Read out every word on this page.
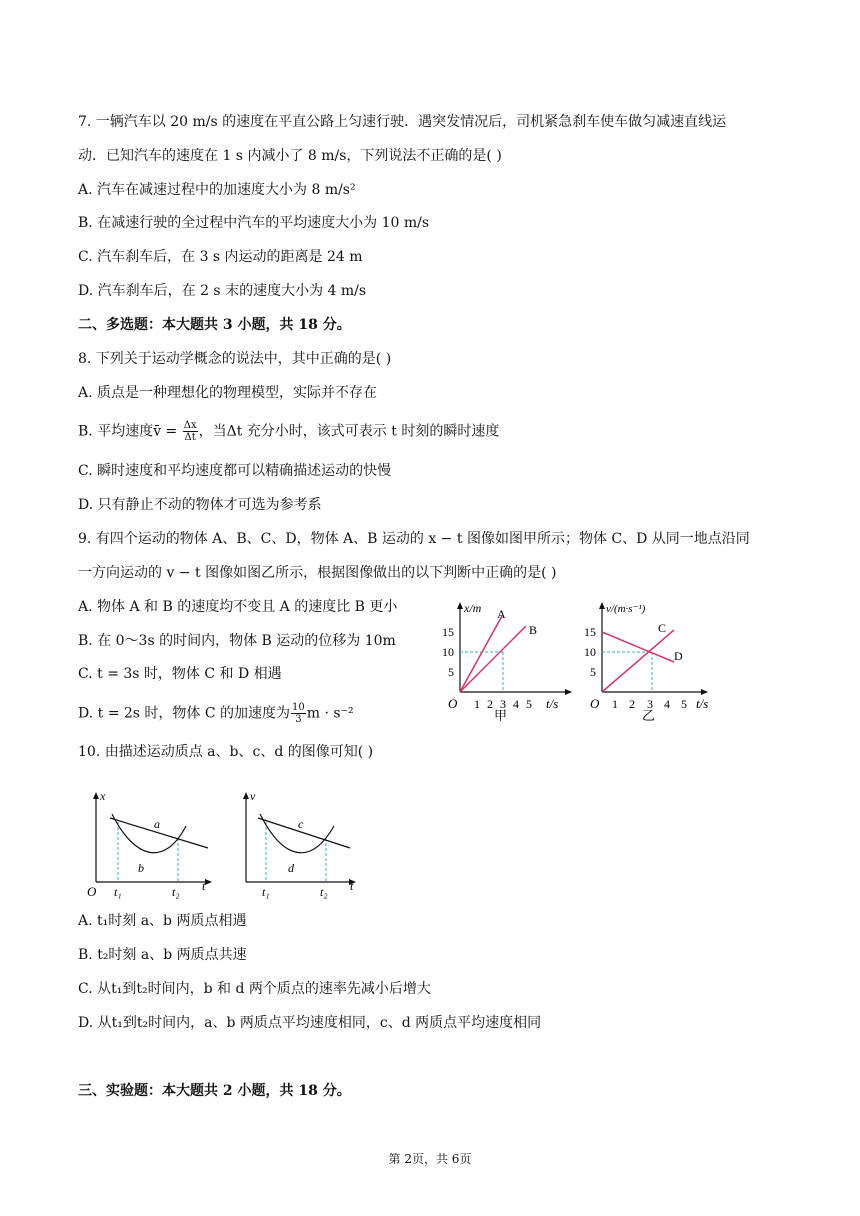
7. 一辆汽车以 20 m/s 的速度在平直公路上匀速行驶．遇突发情况后，司机紧急刹车使车做匀减速直线运
动．已知汽车的速度在 1 s 内减小了 8 m/s，下列说法不正确的是( )
A. 汽车在减速过程中的加速度大小为 8 m/s²
B. 在减速行驶的全过程中汽车的平均速度大小为 10 m/s
C. 汽车刹车后，在 3 s 内运动的距离是 24 m
D. 汽车刹车后，在 2 s 末的速度大小为 4 m/s
二、多选题：本大题共 3 小题，共 18 分。
8. 下列关于运动学概念的说法中，其中正确的是( )
A. 质点是一种理想化的物理模型，实际并不存在
B. 平均速度v̄ = $\frac{\Delta x}{\Delta t}$ ，当Δt 充分小时，该式可表示 t 时刻的瞬时速度
C. 瞬时速度和平均速度都可以精确描述运动的快慢
D. 只有静止不动的物体才可选为参考系
9. 有四个运动的物体 A、B、C、D，物体 A、B 运动的 x − t 图像如图甲所示；物体 C、D 从同一地点沿同
一方向运动的 v − t 图像如图乙所示，根据图像做出的以下判断中正确的是( )
A. 物体 A 和 B 的速度均不变且 A 的速度比 B 更小
B. 在 0～3s 的时间内，物体 B 运动的位移为 10m
C. t = 3s 时，物体 C 和 D 相遇
D. t = 2s 时，物体 C 的加速度为 $\frac{10}{3}$ m · s⁻²
x/m
O
5
10
15
1 2 3 4 5 t/s
A
B
甲
v/(m·s⁻¹)
O
5
10
15
1 2 3 4 5 t/s
C
D
乙
10. 由描述运动质点 a、b、c、d 的图像可知( )
x
O
a
b
t₁	t₂ t
v
c
d
t₁	t₂ t
A. t₁时刻 a、b 两质点相遇
B. t₂时刻 a、b 两质点共速
C. 从t₁到t₂时间内，b 和 d 两个质点的速率先减小后增大
D. 从t₁到t₂时间内，a、b 两质点平均速度相同，c、d 两质点平均速度相同
三、实验题：本大题共 2 小题，共 18 分。
第 2页，共 6页
